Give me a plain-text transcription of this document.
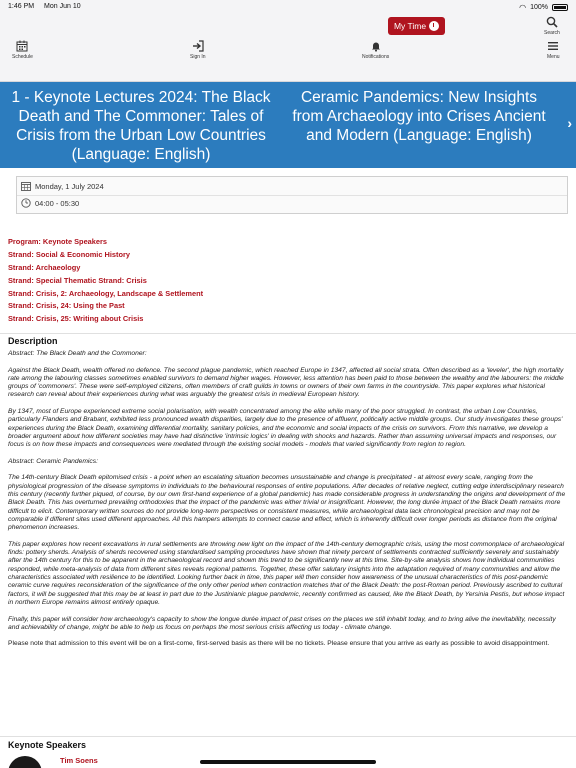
1:46 PM Mon Jun 10	◠ 100%
Schedule	Sign In
My Time
Notifications
Search
Menu
1 - Keynote Lectures 2024: The Black Death and The Commoner: Tales of Crisis from the Urban Low Countries (Language: English)
Ceramic Pandemics: New Insights from Archaeology into Crises Ancient and Modern (Language: English)
›
Monday, 1 July 2024
04:00 - 05:30
Program: Keynote Speakers
Strand: Social & Economic History
Strand: Archaeology
Strand: Special Thematic Strand: Crisis
Strand: Crisis, 2: Archaeology, Landscape & Settlement
Strand: Crisis, 24: Using the Past
Strand: Crisis, 25: Writing about Crisis
Description

Abstract: The Black Death and the Commoner:

Against the Black Death, wealth offered no defence. The second plague pandemic, which reached Europe in 1347, affected all social strata. Often described as a 'leveler', the high mortality rate among the labouring classes sometimes enabled survivors to demand higher wages. However, less attention has been paid to those between the wealthy and the labourers: the middle groups of 'commoners'. These were self-employed citizens, often members of craft guilds in towns or owners of their own farms in the countryside. This paper explores what historical research can reveal about their experiences during what was arguably the greatest crisis in medieval European history.

By 1347, most of Europe experienced extreme social polarisation, with wealth concentrated among the elite while many of the poor struggled. In contrast, the urban Low Countries, particularly Flanders and Brabant, exhibited less pronounced wealth disparities, largely due to the presence of affluent, politically active middle groups. Our study investigates these groups' experiences during the Black Death, examining differential mortality, sanitary policies, and the economic and social impacts of the crisis on survivors. From this narrative, we develop a broader argument about how different societies may have had distinctive 'intrinsic logics' in dealing with shocks and hazards. Rather than assuming universal impacts and responses, our focus is on how these impacts and consequences were mediated through the existing social models - models that varied significantly from region to region.

Abstract: Ceramic Pandemics:

The 14th-century Black Death epitomised crisis - a point when an escalating situation becomes unsustainable and change is precipitated - at almost every scale, ranging from the physiological progression of the disease symptoms in individuals to the behavioural responses of entire populations. After decades of relative neglect, cutting edge interdisciplinary research this century (recently further piqued, of course, by our own first-hand experience of a global pandemic) has made considerable progress in understanding the origins and development of the Black Death. This has overturned prevailing orthodoxies that the impact of the pandemic was either trivial or insignificant. However, the long durée impact of the Black Death remains more difficult to elicit. Contemporary written sources do not provide long-term perspectives or consistent measures, while archaeological data lack chronological precision and may not be comparable if different sites used different approaches. All this hampers attempts to connect cause and effect, which is inherently difficult over longer periods as distance from the original phenomenon increases.

This paper explores how recent excavations in rural settlements are throwing new light on the impact of the 14th-century demographic crisis, using the most commonplace of archaeological finds: pottery sherds. Analysis of sherds recovered using standardised sampling procedures have shown that ninety percent of settlements contracted sufficiently severely and sustainably after the 14th century for this to be apparent in the archaeological record and shown this trend to be significantly new at this time. Site-by-site analysis shows how individual communities responded, while meta-analysis of data from different sites reveals regional patterns. Together, these offer salutary insights into the adaptation required of many communities and allow the characteristics associated with resilience to be identified. Looking further back in time, this paper will then consider how awareness of the unusual characteristics of this post-pandemic ceramic curve requires reconsideration of the significance of the only other period when contraction matches that of the Black Death: the post-Roman period. Previously ascribed to cultural factors, it will be suggested that this may be at least in part due to the Justinianic plague pandemic, recently confirmed as caused, like the Black Death, by Yersinia Pestis, but whose impact in northern Europe remains almost entirely opaque.

Finally, this paper will consider how archaeology's capacity to show the longue durée impact of past crises on the places we still inhabit today, and to bring alive the inevitability, necessity and achievability of change, might be able to help us focus on perhaps the most serious crisis affecting us today - climate change.

Please note that admission to this event will be on a first-come, first-served basis as there will be no tickets. Please ensure that you arrive as early as possible to avoid disappointment.

Keynote Speakers
Tim Soens
